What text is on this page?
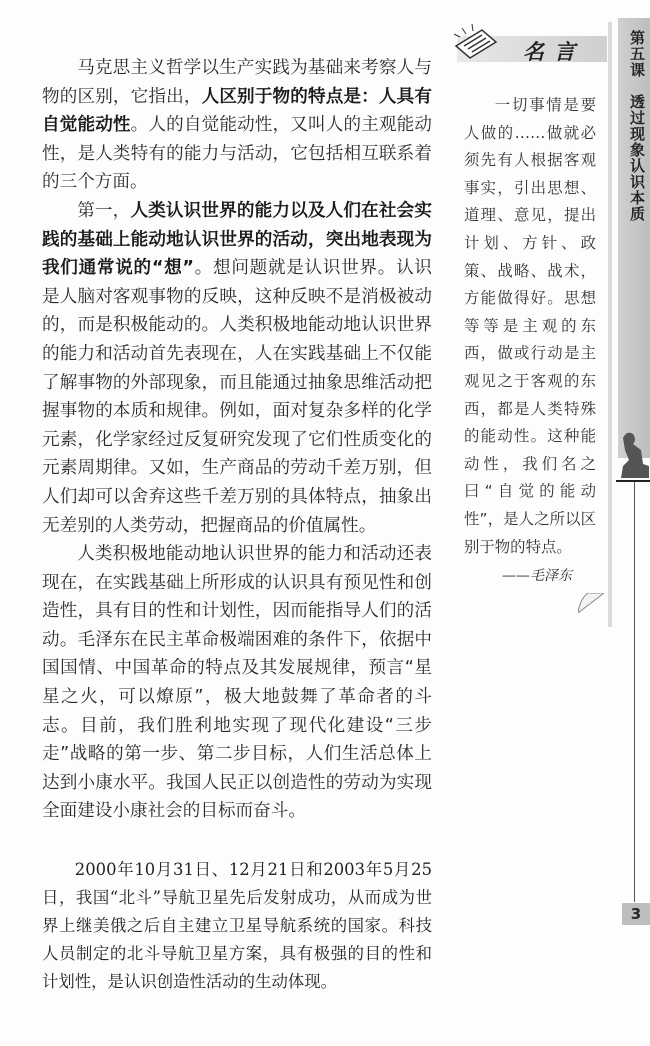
马克思主义哲学以生产实践为基础来考察人与物的区别，它指出，人区别于物的特点是：人具有自觉能动性。人的自觉能动性，又叫人的主观能动性，是人类特有的能力与活动，它包括相互联系着的三个方面。

第一，人类认识世界的能力以及人们在社会实践的基础上能动地认识世界的活动，突出地表现为我们通常说的“想”。想问题就是认识世界。认识是人脑对客观事物的反映，这种反映不是消极被动的，而是积极能动的。人类积极地能动地认识世界的能力和活动首先表现在，人在实践基础上不仅能了解事物的外部现象，而且能通过抽象思维活动把握事物的本质和规律。例如，面对复杂多样的化学元素，化学家经过反复研究发现了它们性质变化的元素周期律。又如，生产商品的劳动千差万别，但人们却可以舍弃这些千差万别的具体特点，抽象出无差别的人类劳动，把握商品的价值属性。

人类积极地能动地认识世界的能力和活动还表现在，在实践基础上所形成的认识具有预见性和创造性，具有目的性和计划性，因而能指导人们的活动。毛泽东在民主革命极端困难的条件下，依据中国国情、中国革命的特点及其发展规律，预言“星星之火，可以燎原”，极大地鼓舞了革命者的斗志。目前，我们胜利地实现了现代化建设“三步走”战略的第一步、第二步目标，人们生活总体上达到小康水平。我国人民正以创造性的劳动为实现全面建设小康社会的目标而奋斗。

2000年10月31日、12月21日和2003年5月25日，我国“北斗”导航卫星先后发射成功，从而成为世界上继美俄之后自主建立卫星导航系统的国家。科技人员制定的北斗导航卫星方案，具有极强的目的性和计划性，是认识创造性活动的生动体现。
名言
一切事情是要人做的……做就必须先有人根据客观事实，引出思想、道理、意见，提出计划、方针、政策、战略、战术，方能做得好。思想等等是主观的东西，做或行动是主观见之于客观的东西，都是人类特殊的能动性。这种能动性，我们名之曰“自觉的能动性”，是人之所以区别于物的特点。
——毛泽东
第五课　透过现象认识本质
3
